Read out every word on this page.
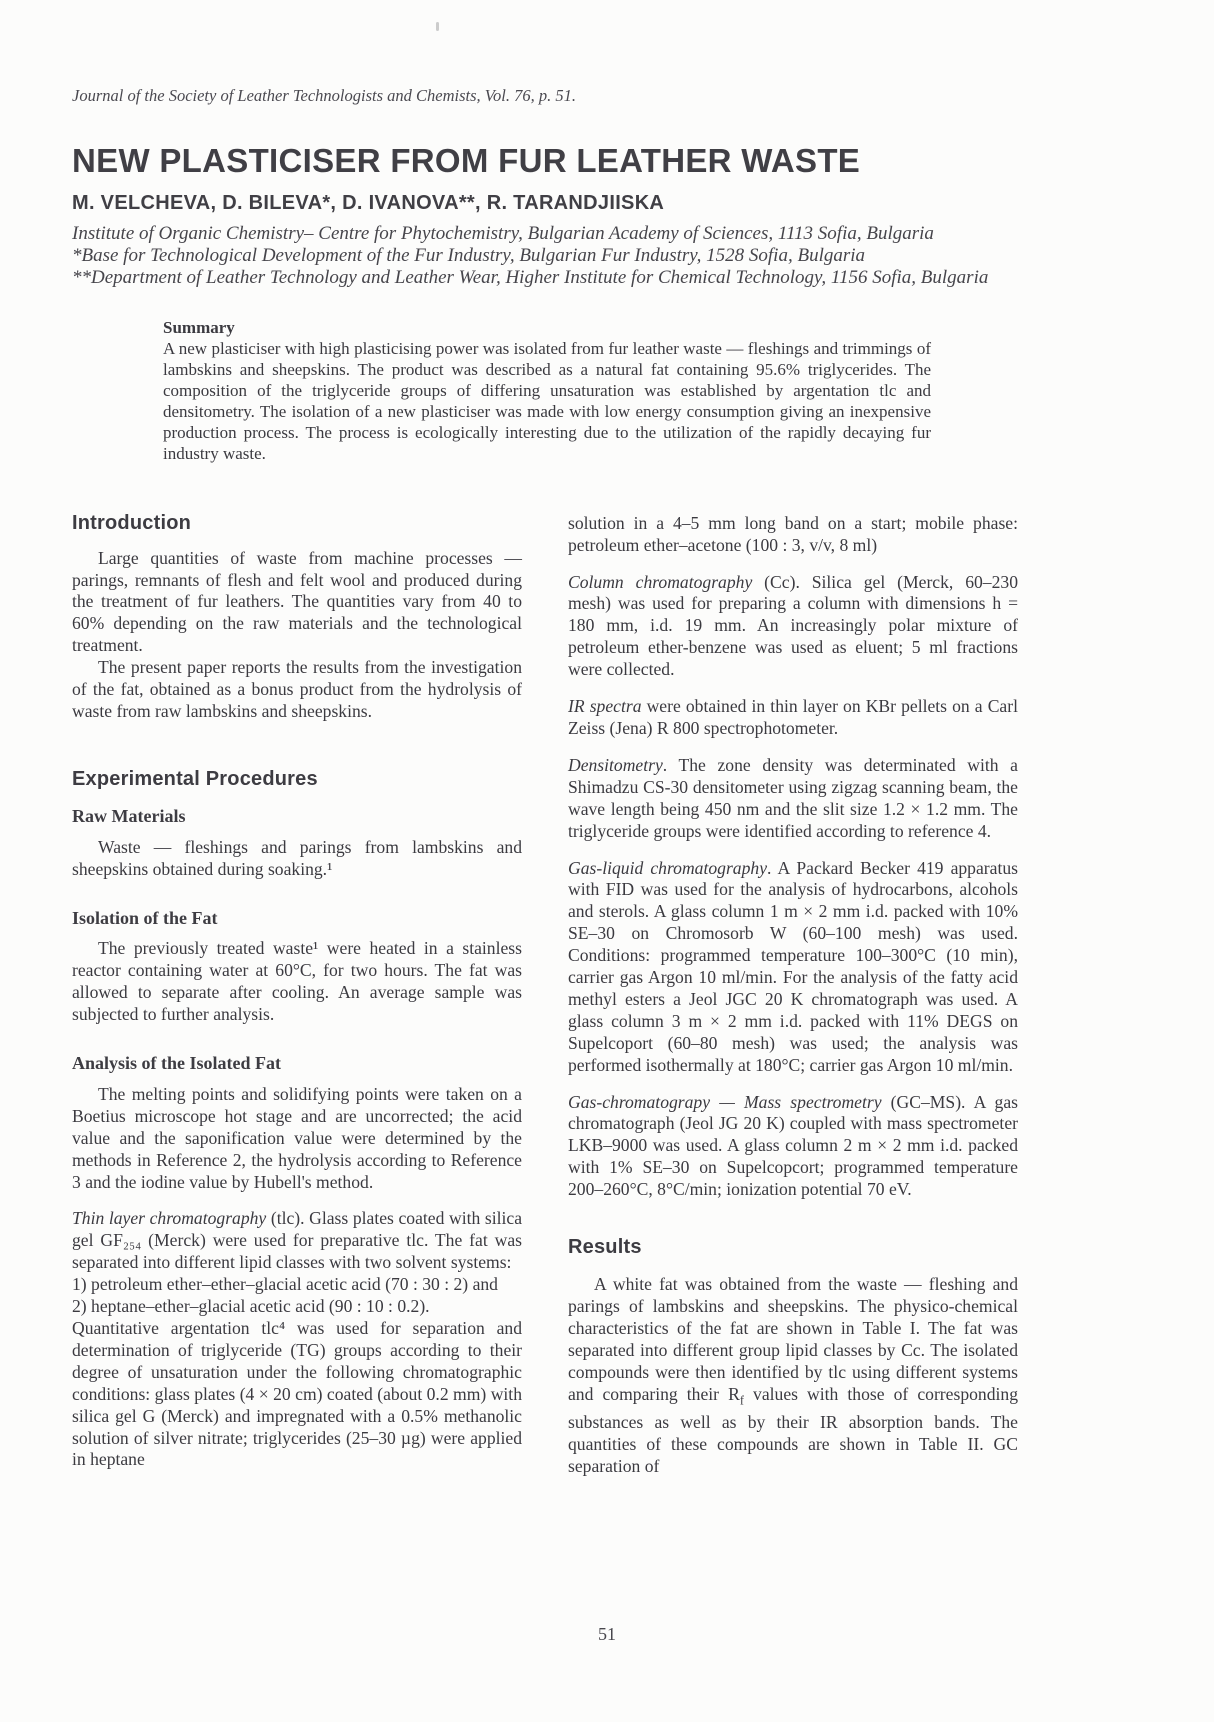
Journal of the Society of Leather Technologists and Chemists, Vol. 76, p. 51.
NEW PLASTICISER FROM FUR LEATHER WASTE
M. VELCHEVA, D. BILEVA*, D. IVANOVA**, R. TARANDJIISKA
Institute of Organic Chemistry– Centre for Phytochemistry, Bulgarian Academy of Sciences, 1113 Sofia, Bulgaria
*Base for Technological Development of the Fur Industry, Bulgarian Fur Industry, 1528 Sofia, Bulgaria
**Department of Leather Technology and Leather Wear, Higher Institute for Chemical Technology, 1156 Sofia, Bulgaria
Summary

A new plasticiser with high plasticising power was isolated from fur leather waste — fleshings and trimmings of lambskins and sheepskins. The product was described as a natural fat containing 95.6% triglycerides. The composition of the triglyceride groups of differing unsaturation was established by argentation tlc and densitometry. The isolation of a new plasticiser was made with low energy consumption giving an inexpensive production process. The process is ecologically interesting due to the utilization of the rapidly decaying fur industry waste.

Introduction

Large quantities of waste from machine processes — parings, remnants of flesh and felt wool and produced during the treatment of fur leathers. The quantities vary from 40 to 60% depending on the raw materials and the technological treatment.

The present paper reports the results from the investigation of the fat, obtained as a bonus product from the hydrolysis of waste from raw lambskins and sheepskins.

Experimental Procedures
Raw Materials

Waste — fleshings and parings from lambskins and sheepskins obtained during soaking.¹

Isolation of the Fat

The previously treated waste¹ were heated in a stainless reactor containing water at 60°C, for two hours. The fat was allowed to separate after cooling. An average sample was subjected to further analysis.

Analysis of the Isolated Fat

The melting points and solidifying points were taken on a Boetius microscope hot stage and are uncorrected; the acid value and the saponification value were determined by the methods in Reference 2, the hydrolysis according to Reference 3 and the iodine value by Hubell's method.

Thin layer chromatography (tlc). Glass plates coated with silica gel GF₂₅₄ (Merck) were used for preparative tlc. The fat was separated into different lipid classes with two solvent systems:

1) petroleum ether–ether–glacial acetic acid (70 : 30 : 2) and

2) heptane–ether–glacial acetic acid (90 : 10 : 0.2).

Quantitative argentation tlc⁴ was used for separation and determination of triglyceride (TG) groups according to their degree of unsaturation under the following chromatographic conditions: glass plates (4 × 20 cm) coated (about 0.2 mm) with silica gel G (Merck) and impregnated with a 0.5% methanolic solution of silver nitrate; triglycerides (25–30 µg) were applied in heptane

solution in a 4–5 mm long band on a start; mobile phase: petroleum ether–acetone (100 : 3, v/v, 8 ml)

Column chromatography (Cc). Silica gel (Merck, 60–230 mesh) was used for preparing a column with dimensions h = 180 mm, i.d. 19 mm. An increasingly polar mixture of petroleum ether-benzene was used as eluent; 5 ml fractions were collected.

IR spectra were obtained in thin layer on KBr pellets on a Carl Zeiss (Jena) R 800 spectrophotometer.

Densitometry. The zone density was determinated with a Shimadzu CS-30 densitometer using zigzag scanning beam, the wave length being 450 nm and the slit size 1.2 × 1.2 mm. The triglyceride groups were identified according to reference 4.

Gas-liquid chromatography. A Packard Becker 419 apparatus with FID was used for the analysis of hydrocarbons, alcohols and sterols. A glass column 1 m × 2 mm i.d. packed with 10% SE–30 on Chromosorb W (60–100 mesh) was used. Conditions: programmed temperature 100–300°C (10 min), carrier gas Argon 10 ml/min. For the analysis of the fatty acid methyl esters a Jeol JGC 20 K chromatograph was used. A glass column 3 m × 2 mm i.d. packed with 11% DEGS on Supelcoport (60–80 mesh) was used; the analysis was performed isothermally at 180°C; carrier gas Argon 10 ml/min.

Gas-chromatograpy — Mass spectrometry (GC–MS). A gas chromatograph (Jeol JG 20 K) coupled with mass spectrometer LKB–9000 was used. A glass column 2 m × 2 mm i.d. packed with 1% SE–30 on Supelcopcort; programmed temperature 200–260°C, 8°C/min; ionization potential 70 eV.

Results

A white fat was obtained from the waste — fleshing and parings of lambskins and sheepskins. The physico-chemical characteristics of the fat are shown in Table I. The fat was separated into different group lipid classes by Cc. The isolated compounds were then identified by tlc using different systems and comparing their $R_f$ values with those of corresponding substances as well as by their IR absorption bands. The quantities of these compounds are shown in Table II. GC separation of

51
